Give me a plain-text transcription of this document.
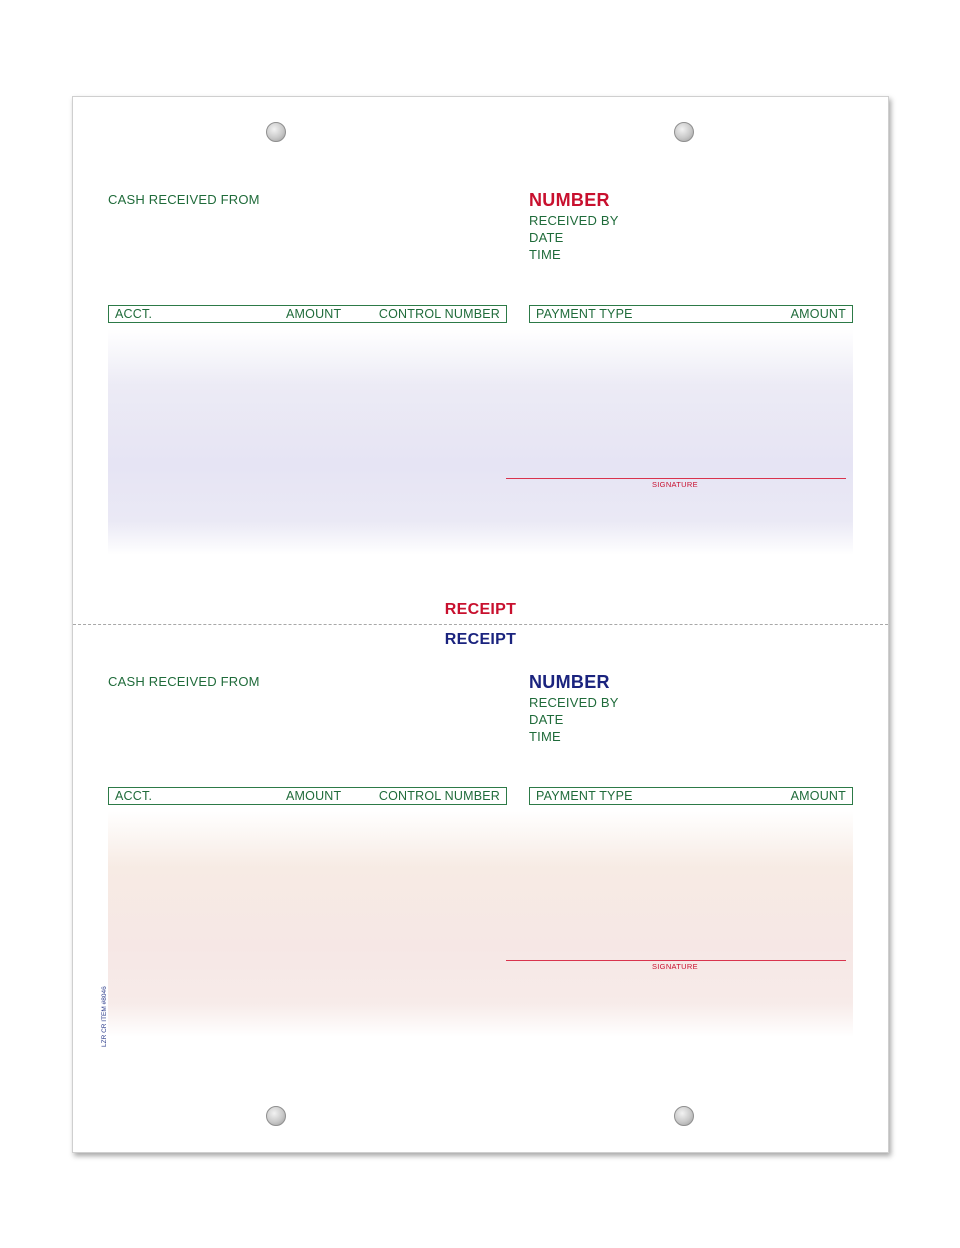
CASH RECEIVED FROM	NUMBER
RECEIVED BY
DATE
TIME
ACCT.	AMOUNT	CONTROL NUMBER	PAYMENT TYPE	AMOUNT
SIGNATURE
RECEIPT
RECEIPT
CASH RECEIVED FROM	NUMBER
RECEIVED BY
DATE
TIME
ACCT.	AMOUNT	CONTROL NUMBER	PAYMENT TYPE	AMOUNT
SIGNATURE
LZR CR ITEM #8046
